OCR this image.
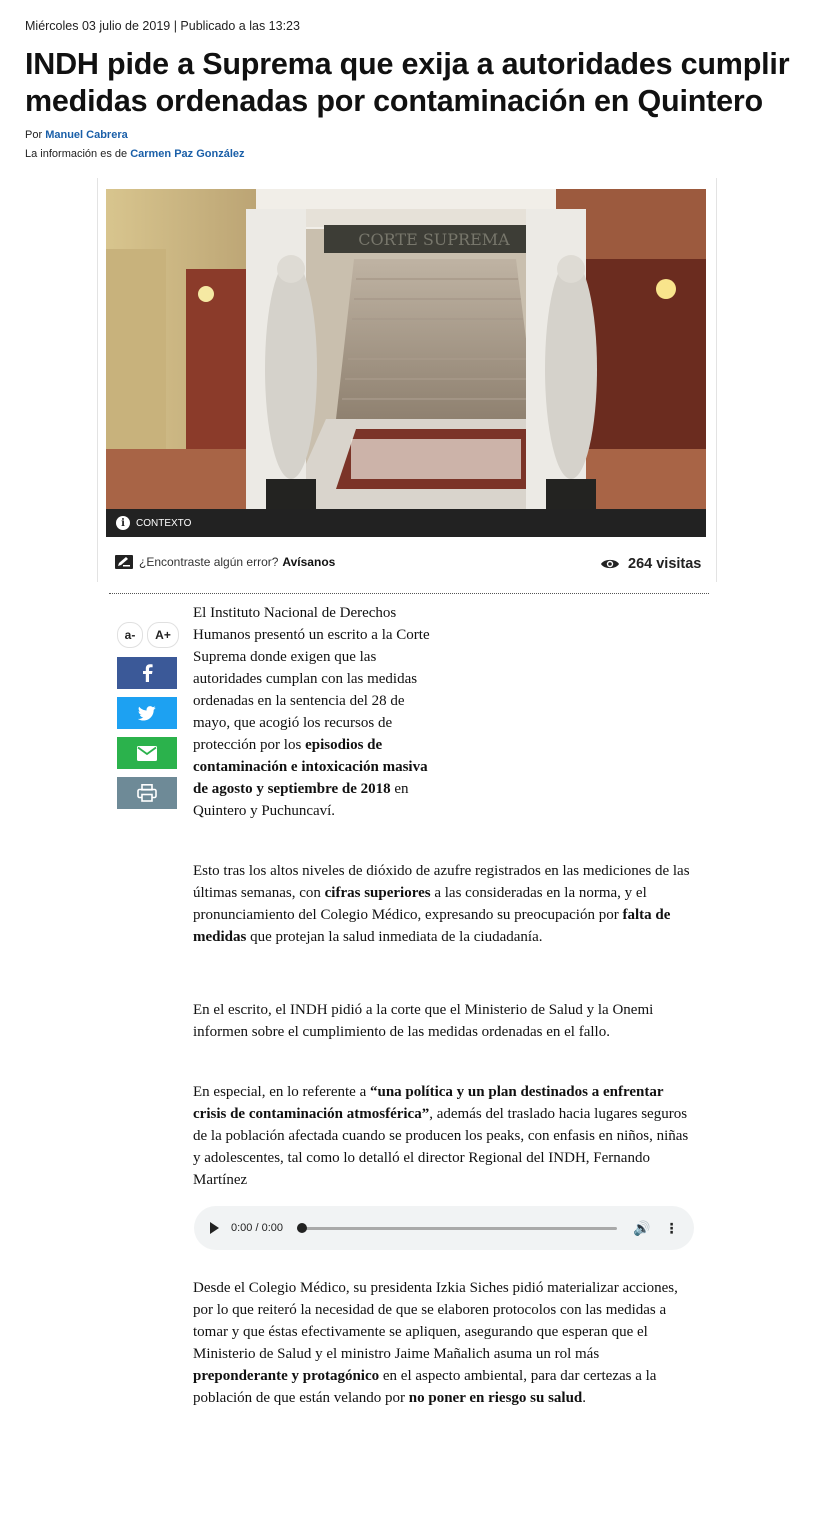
Miércoles 03 julio de 2019 | Publicado a las 13:23
INDH pide a Suprema que exija a autoridades cumplir medidas ordenadas por contaminación en Quintero
Por Manuel Cabrera
La información es de Carmen Paz González
CORTE SUPREMA
i	CONTEXTO
¿Encontraste algún error? Avísanos	264 visitas
a-	A+

El Instituto Nacional de Derechos Humanos presentó un escrito a la Corte Suprema donde exigen que las autoridades cumplan con las medidas ordenadas en la sentencia del 28 de mayo, que acogió los recursos de protección por los episodios de contaminación e intoxicación masiva de agosto y septiembre de 2018 en Quintero y Puchuncaví.

Esto tras los altos niveles de dióxido de azufre registrados en las mediciones de las últimas semanas, con cifras superiores a las consideradas en la norma, y el pronunciamiento del Colegio Médico, expresando su preocupación por falta de medidas que protejan la salud inmediata de la ciudadanía.

En el escrito, el INDH pidió a la corte que el Ministerio de Salud y la Onemi informen sobre el cumplimiento de las medidas ordenadas en el fallo.

En especial, en lo referente a “una política y un plan destinados a enfrentar crisis de contaminación atmosférica”, además del traslado hacia lugares seguros de la población afectada cuando se producen los peaks, con enfasis en niños, niñas y adolescentes, tal como lo detalló el director Regional del INDH, Fernando Martínez

0:00 / 0:00	🔊 ⋮

Desde el Colegio Médico, su presidenta Izkia Siches pidió materializar acciones, por lo que reiteró la necesidad de que se elaboren protocolos con las medidas a tomar y que éstas efectivamente se apliquen, asegurando que esperan que el Ministerio de Salud y el ministro Jaime Mañalich asuma un rol más preponderante y protagónico en el aspecto ambiental, para dar certezas a la población de que están velando por no poner en riesgo su salud.
